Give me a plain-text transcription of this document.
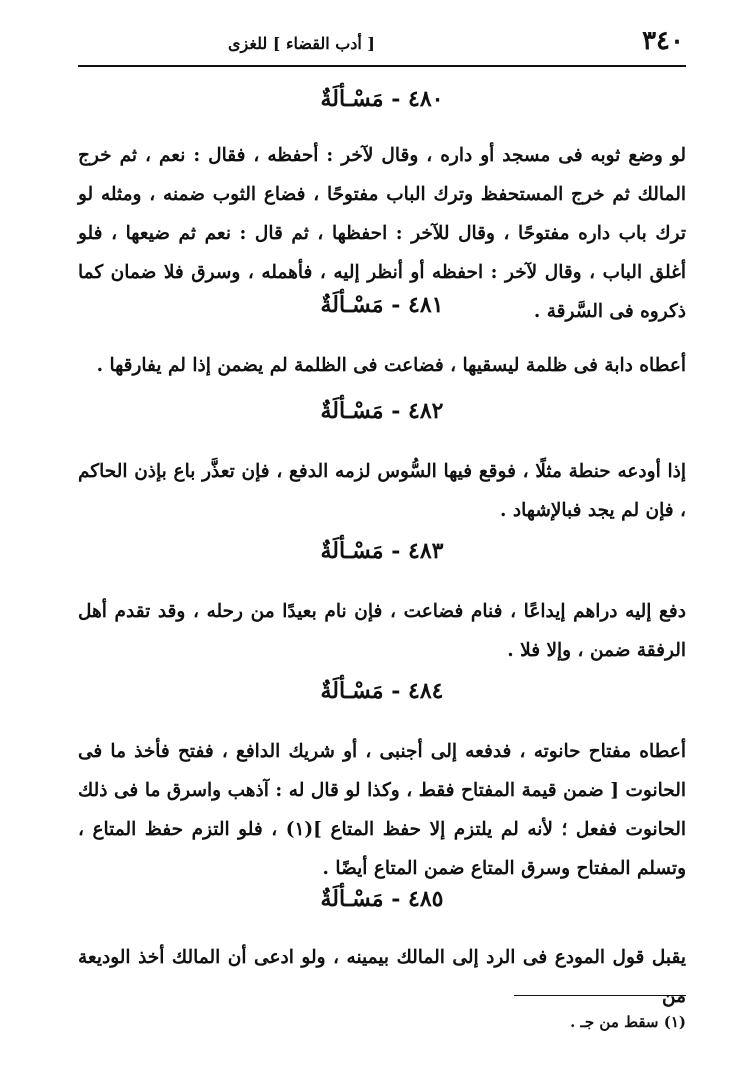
٣٤٠
[ أدب القضاء ] للغزى
٤٨٠ - مَسْـألَةٌ
لو وضع ثوبه فى مسجد أو داره ، وقال لآخر : أحفظه ، فقال : نعم ، ثم خرج المالك ثم خرج المستحفظ وترك الباب مفتوحًا ، فضاع الثوب ضمنه ، ومثله لو ترك باب داره مفتوحًا ، وقال للآخر : احفظها ، ثم قال : نعم ثم ضيعها ، فلو أغلق الباب ، وقال لآخر : احفظه أو أنظر إليه ، فأهمله ، وسرق فلا ضمان كما ذكروه فى السَّرقة .
٤٨١ - مَسْـألَةٌ
أعطاه دابة فى ظلمة ليسقيها ، فضاعت فى الظلمة لم يضمن إذا لم يفارقها .
٤٨٢ - مَسْـألَةٌ
إذا أودعه حنطة مثلًا ، فوقع فيها السُّوس لزمه الدفع ، فإن تعذَّر باع بإذن الحاكم ، فإن لم يجد فبالإشهاد .
٤٨٣ - مَسْـألَةٌ
دفع إليه دراهم إيداعًا ، فنام فضاعت ، فإن نام بعيدًا من رحله ، وقد تقدم أهل الرفقة ضمن ، وإلا فلا .
٤٨٤ - مَسْـألَةٌ
أعطاه مفتاح حانوته ، فدفعه إلى أجنبى ، أو شريك الدافع ، ففتح فأخذ ما فى الحانوت [ ضمن قيمة المفتاح فقط ، وكذا لو قال له : آذهب واسرق ما فى ذلك الحانوت ففعل ؛ لأنه لم يلتزم إلا حفظ المتاع ](١) ، فلو التزم حفظ المتاع ، وتسلم المفتاح وسرق المتاع ضمن المتاع أيضًا .
٤٨٥ - مَسْـألَةٌ
يقبل قول المودع فى الرد إلى المالك بيمينه ، ولو ادعى أن المالك أخذ الوديعة من
(١) سقط من جـ .
